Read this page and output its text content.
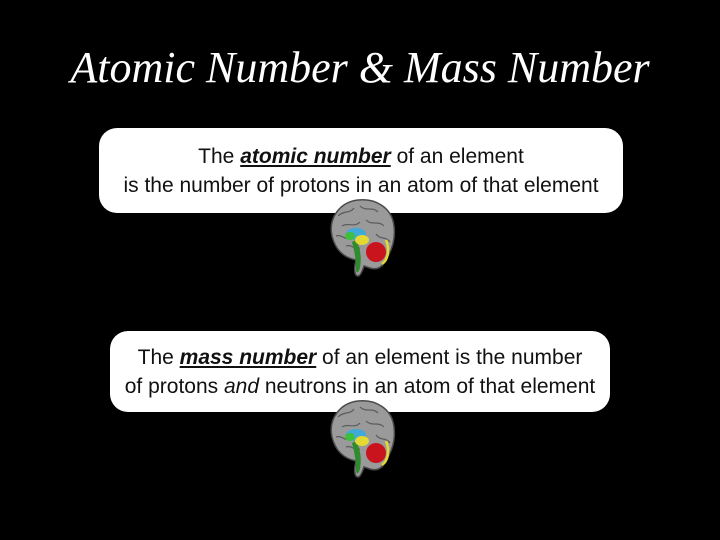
Atomic Number & Mass Number
The atomic number of an element
is the number of protons in an atom of that element
The mass number of an element is the number
of protons and neutrons in an atom of that element
